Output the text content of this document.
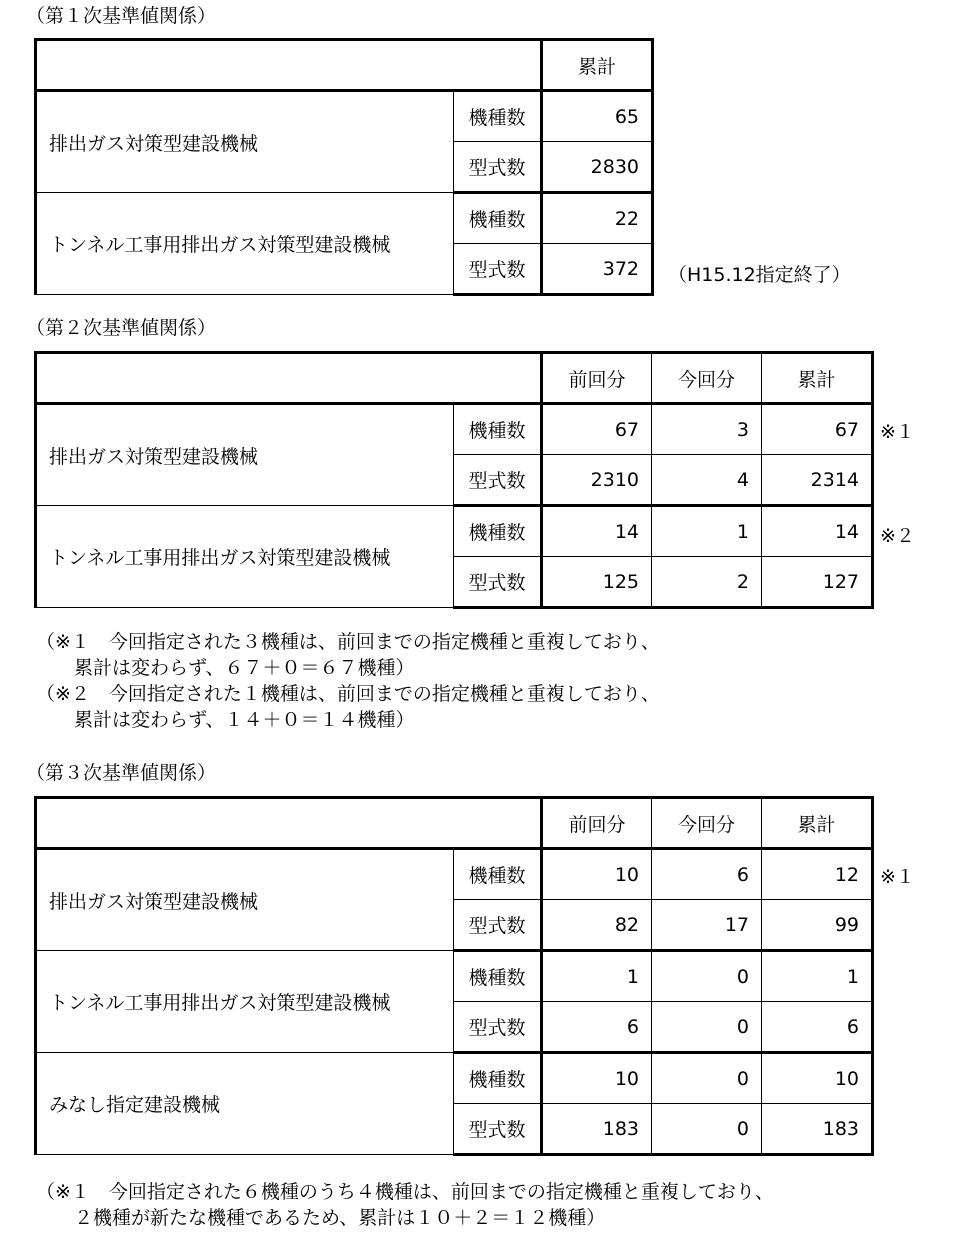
（第１次基準値関係）
		累計
排出ガス対策型建設機械	機種数	65
	型式数	2830
トンネル工事用排出ガス対策型建設機械	機種数	22
	型式数	372 （H15.12指定終了）
（第２次基準値関係）
		前回分	今回分	累計
排出ガス対策型建設機械	機種数	67	3	67
	型式数	2310	4	2314
トンネル工事用排出ガス対策型建設機械	機種数	14	1	14
	型式数	125	2	127
※１
※２
（※１　今回指定された３機種は、前回までの指定機種と重複しており、
　　累計は変わらず、６７＋０＝６７機種）
（※２　今回指定された１機種は、前回までの指定機種と重複しており、
　　累計は変わらず、１４＋０＝１４機種）
（第３次基準値関係）
		前回分	今回分	累計
排出ガス対策型建設機械	機種数	10	6	12
	型式数	82	17	99
トンネル工事用排出ガス対策型建設機械	機種数	1	0	1
	型式数	6	0	6
みなし指定建設機械	機種数	10	0	10
	型式数	183	0	183
※１
（※１　今回指定された６機種のうち４機種は、前回までの指定機種と重複しており、
　　２機種が新たな機種であるため、累計は１０＋２＝１２機種）
